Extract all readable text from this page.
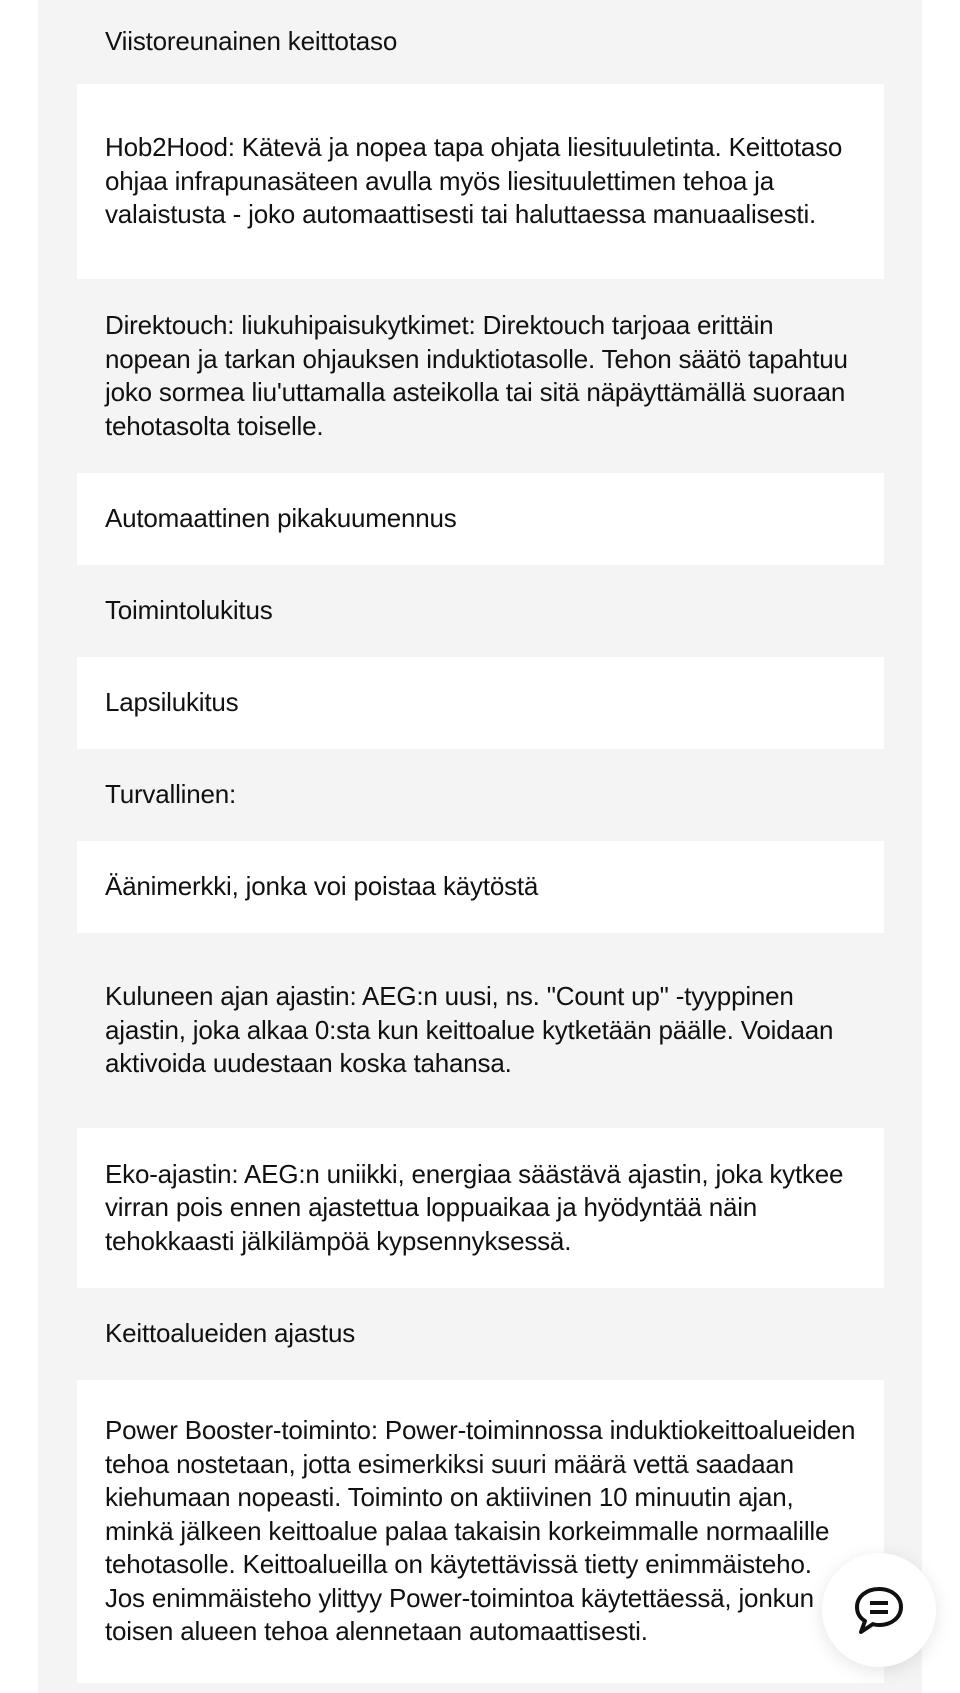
Viistoreunainen keittotaso
Hob2Hood: Kätevä ja nopea tapa ohjata liesituuletinta. Keittotaso ohjaa infrapunasäteen avulla myös liesituulettimen tehoa ja valaistusta - joko automaattisesti tai haluttaessa manuaalisesti.
Direktouch: liukuhipaisukytkimet: Direktouch tarjoaa erittäin nopean ja tarkan ohjauksen induktiotasolle. Tehon säätö tapahtuu joko sormea liu'uttamalla asteikolla tai sitä näpäyttämällä suoraan tehotasolta toiselle.
Automaattinen pikakuumennus
Toimintolukitus
Lapsilukitus
Turvallinen:
Äänimerkki, jonka voi poistaa käytöstä
Kuluneen ajan ajastin: AEG:n uusi, ns. "Count up" -tyyppinen ajastin, joka alkaa 0:sta kun keittoalue kytketään päälle. Voidaan aktivoida uudestaan koska tahansa.
Eko-ajastin: AEG:n uniikki, energiaa säästävä ajastin, joka kytkee virran pois ennen ajastettua loppuaikaa ja hyödyntää näin tehokkaasti jälkilämpöä kypsennyksessä.
Keittoalueiden ajastus
Power Booster-toiminto: Power-toiminnossa induktiokeittoalueiden tehoa nostetaan, jotta esimerkiksi suuri määrä vettä saadaan kiehumaan nopeasti. Toiminto on aktiivinen 10 minuutin ajan, minkä jälkeen keittoalue palaa takaisin korkeimmalle normaalille tehotasolle. Keittoalueilla on käytettävissä tietty enimmäisteho. Jos enimmäisteho ylittyy Power-toimintoa käytettäessä, jonkun toisen alueen tehoa alennetaan automaattisesti.
